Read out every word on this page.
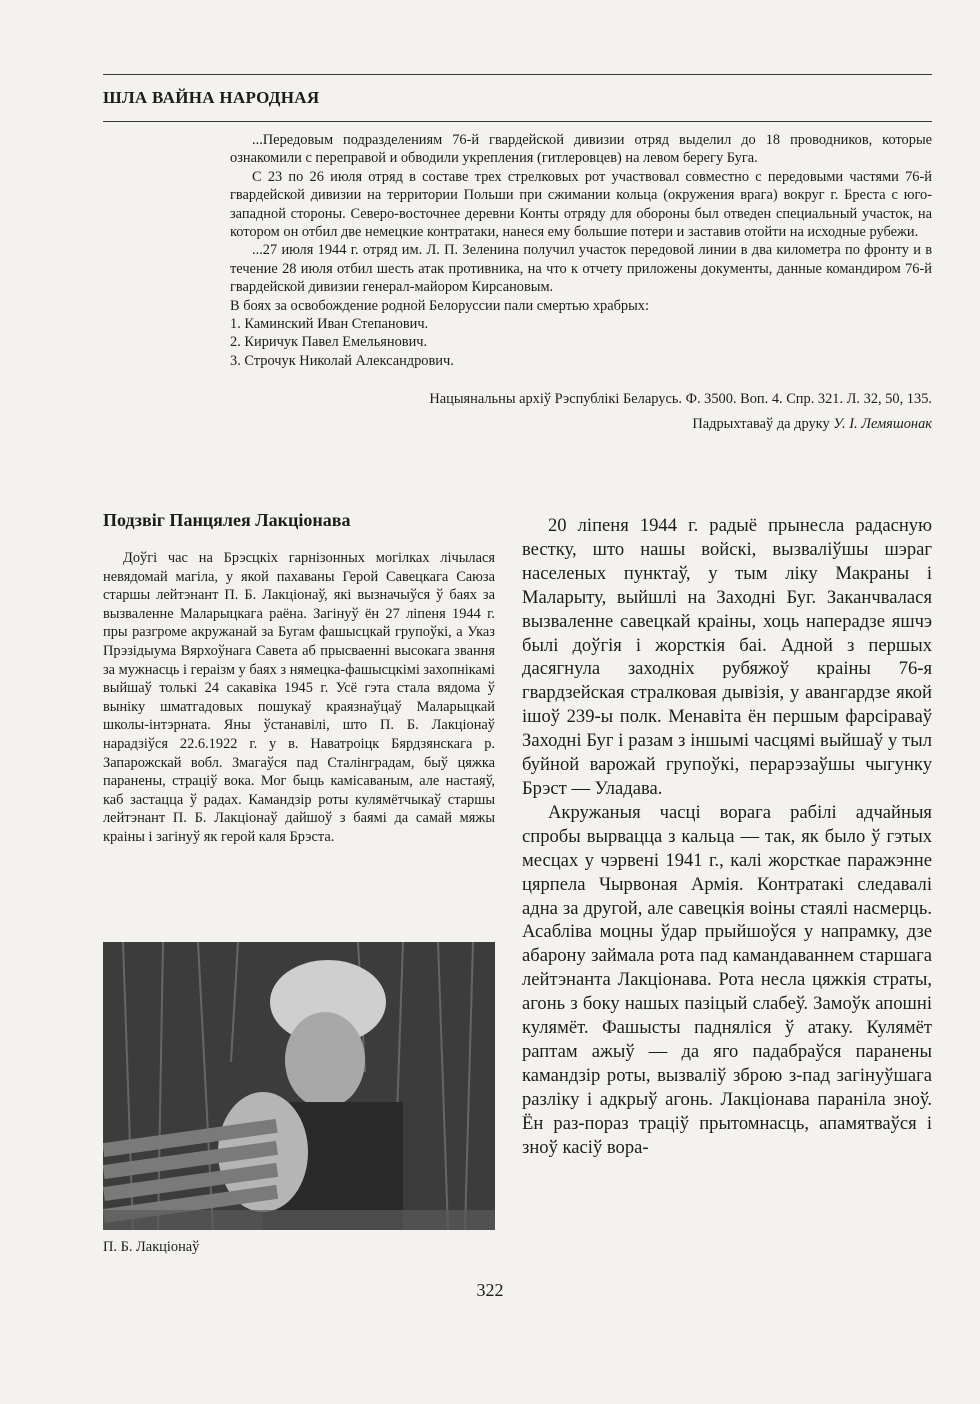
ШЛА ВАЙНА НАРОДНАЯ

...Передовым подразделениям 76-й гвардейской дивизии отряд выделил до 18 проводников, которые ознакомили с переправой и обводили укрепления (гитлеровцев) на левом берегу Буга.

С 23 по 26 июля отряд в составе трех стрелковых рот участвовал совместно с передовыми частями 76-й гвардейской дивизии на территории Польши при сжимании кольца (окружения врага) вокруг г. Бреста с юго-западной стороны. Северо-восточнее деревни Конты отряду для обороны был отведен специальный участок, на котором он отбил две немецкие контратаки, нанеся ему большие потери и заставив отойти на исходные рубежи.

...27 июля 1944 г. отряд им. Л. П. Зеленина получил участок передовой линии в два километра по фронту и в течение 28 июля отбил шесть атак противника, на что к отчету приложены документы, данные командиром 76-й гвардейской дивизии генерал-майором Кирсановым.

В боях за освобождение родной Белоруссии пали смертью храбрых:

1. Каминский Иван Степанович.

2. Киричук Павел Емельянович.

3. Строчук Николай Александрович.

Нацыянальны архіў Рэспублікі Беларусь. Ф. 3500. Воп. 4. Спр. 321. Л. 32, 50, 135.

Падрыхтаваў да друку У. І. Лемяшонак

Подзвіг Панцялея Лакціонава

Доўгі час на Брэсцкіх гарнізонных могілках лічылася невядомай магіла, у якой пахаваны Герой Савецкага Саюза старшы лейтэнант П. Б. Лакціонаў, які вызначыўся ў баях за вызваленне Маларыцкага раёна. Загінуў ён 27 ліпеня 1944 г. пры разгроме акружанай за Бугам фашысцкай групоўкі, а Указ Прэзідыума Вярхоўнага Савета аб прысваенні высокага звання за мужнасць і гераізм у баях з нямецка-фашысцкімі захопнікамі выйшаў толькі 24 сакавіка 1945 г. Усё гэта стала вядома ў выніку шматгадовых пошукаў краязнаўцаў Маларыцкай школы-інтэрната. Яны ўстанавілі, што П. Б. Лакціонаў нарадзіўся 22.6.1922 г. у в. Наватроіцк Бярдзянскага р. Запарожскай вобл. Змагаўся пад Сталінградам, быў цяжка паранены, страціў вока. Мог быць камісаваным, але настаяў, каб застацца ў радах. Камандзір роты кулямётчыкаў старшы лейтэнант П. Б. Лакціонаў дайшоў з баямі да самай мяжы краіны і загінуў як герой каля Брэста.

П. Б. Лакціонаў

20 ліпеня 1944 г. радыё прынесла радасную вестку, што нашы войскі, вызваліўшы шэраг населеных пунктаў, у тым ліку Макраны і Маларыту, выйшлі на Заходні Буг. Заканчвалася вызваленне савецкай краіны, хоць наперадзе яшчэ былі доўгія і жорсткія баі. Адной з першых дасягнула заходніх рубяжоў краіны 76-я гвардзейская стралковая дывізія, у авангардзе якой ішоў 239-ы полк. Менавіта ён першым фарсіраваў Заходні Буг і разам з іншымі часцямі выйшаў у тыл буйной варожай групоўкі, перарэзаўшы чыгунку Брэст — Уладава.

Акружаныя часці ворага рабілі адчайныя спробы вырвацца з кальца — так, як было ў гэтых месцах у чэрвені 1941 г., калі жорсткае паражэнне цярпела Чырвоная Армія. Контратакі следавалі адна за другой, але савецкія воіны стаялі насмерць. Асабліва моцны ўдар прыйшоўся у напрамку, дзе абарону займала рота пад камандаваннем старшага лейтэнанта Лакціонава. Рота несла цяжкія страты, агонь з боку нашых пазіцый слабеў. Замоўк апошні кулямёт. Фашысты падняліся ў атаку. Кулямёт раптам ажыў — да яго падабраўся паранены камандзір роты, вызваліў зброю з-пад загінуўшага разліку і адкрыў агонь. Лакціонава паранiла зноў. Ён раз-пораз трацiў прытомнасць, апамятваўся і зноў касіў вора-

322
